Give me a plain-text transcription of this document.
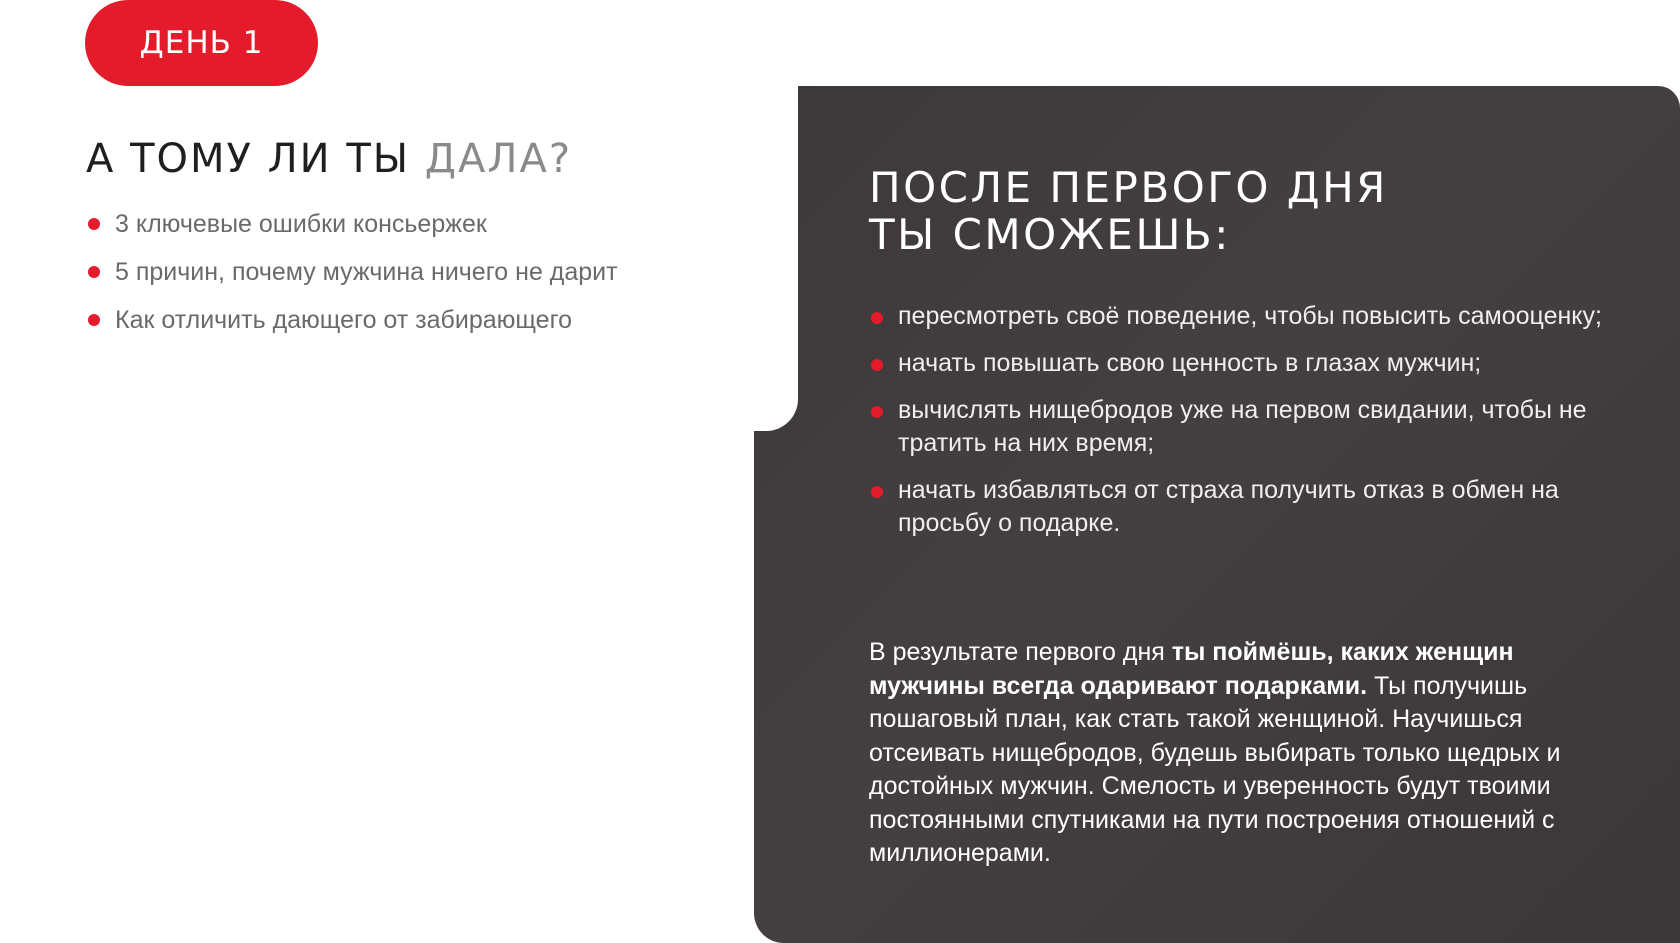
ДЕНЬ 1
А ТОМУ ЛИ ТЫ ДАЛА?
3 ключевые ошибки консьержек
5 причин, почему мужчина ничего не дарит
Как отличить дающего от забирающего
ПОСЛЕ ПЕРВОГО ДНЯ
ТЫ СМОЖЕШЬ:
пересмотреть своё поведение, чтобы повысить самооценку;
начать повышать свою ценность в глазах мужчин;
вычислять нищебродов уже на первом свидании, чтобы не тратить на них время;
начать избавляться от страха получить отказ в обмен на просьбу о подарке.

В результате первого дня ты поймёшь, каких женщин мужчины всегда одаривают подарками. Ты получишь пошаговый план, как стать такой женщиной. Научишься отсеивать нищебродов, будешь выбирать только щедрых и достойных мужчин. Смелость и уверенность будут твоими постоянными спутниками на пути построения отношений с миллионерами.
